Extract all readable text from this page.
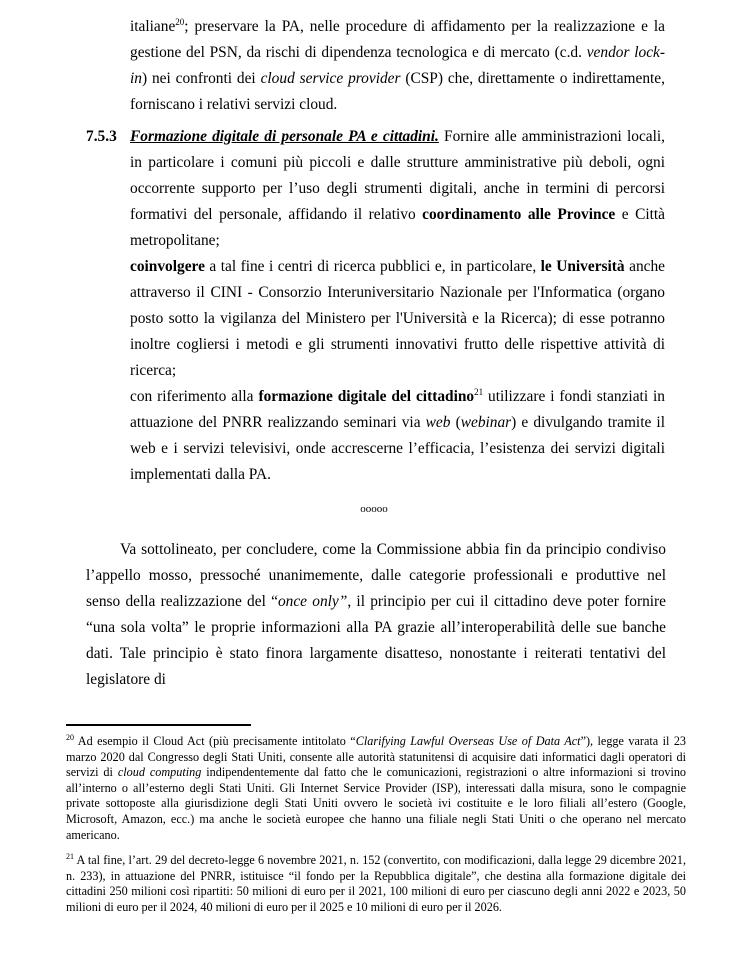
italiane$^{20}$; preservare la PA, nelle procedure di affidamento per la realizzazione e la gestione del PSN, da rischi di dipendenza tecnologica e di mercato (c.d. vendor lock-in) nei confronti dei cloud service provider (CSP) che, direttamente o indirettamente, forniscano i relativi servizi cloud.

7.5.3 Formazione digitale di personale PA e cittadini. Fornire alle amministrazioni locali, in particolare i comuni più piccoli e dalle strutture amministrative più deboli, ogni occorrente supporto per l’uso degli strumenti digitali, anche in termini di percorsi formativi del personale, affidando il relativo coordinamento alle Province e Città metropolitane;

coinvolgere a tal fine i centri di ricerca pubblici e, in particolare, le Università anche attraverso il CINI - Consorzio Interuniversitario Nazionale per l'Informatica (organo posto sotto la vigilanza del Ministero per l'Università e la Ricerca); di esse potranno inoltre cogliersi i metodi e gli strumenti innovativi frutto delle rispettive attività di ricerca;

con riferimento alla formazione digitale del cittadino$^{21}$ utilizzare i fondi stanziati in attuazione del PNRR realizzando seminari via web (webinar) e divulgando tramite il web e i servizi televisivi, onde accrescerne l’efficacia, l’esistenza dei servizi digitali implementati dalla PA.

ooooo

Va sottolineato, per concludere, come la Commissione abbia fin da principio condiviso l’appello mosso, pressoché unanimemente, dalle categorie professionali e produttive nel senso della realizzazione del “once only”, il principio per cui il cittadino deve poter fornire “una sola volta” le proprie informazioni alla PA grazie all’interoperabilità delle sue banche dati. Tale principio è stato finora largamente disatteso, nonostante i reiterati tentativi del legislatore di

$^{20}$ Ad esempio il Cloud Act (più precisamente intitolato “Clarifying Lawful Overseas Use of Data Act”), legge varata il 23 marzo 2020 dal Congresso degli Stati Uniti, consente alle autorità statunitensi di acquisire dati informatici dagli operatori di servizi di cloud computing indipendentemente dal fatto che le comunicazioni, registrazioni o altre informazioni si trovino all’interno o all’esterno degli Stati Uniti. Gli Internet Service Provider (ISP), interessati dalla misura, sono le compagnie private sottoposte alla giurisdizione degli Stati Uniti ovvero le società ivi costituite e le loro filiali all’estero (Google, Microsoft, Amazon, ecc.) ma anche le società europee che hanno una filiale negli Stati Uniti o che operano nel mercato americano.

$^{21}$ A tal fine, l’art. 29 del decreto-legge 6 novembre 2021, n. 152 (convertito, con modificazioni, dalla legge 29 dicembre 2021, n. 233), in attuazione del PNRR, istituisce “il fondo per la Repubblica digitale”, che destina alla formazione digitale dei cittadini 250 milioni così ripartiti: 50 milioni di euro per il 2021, 100 milioni di euro per ciascuno degli anni 2022 e 2023, 50 milioni di euro per il 2024, 40 milioni di euro per il 2025 e 10 milioni di euro per il 2026.
